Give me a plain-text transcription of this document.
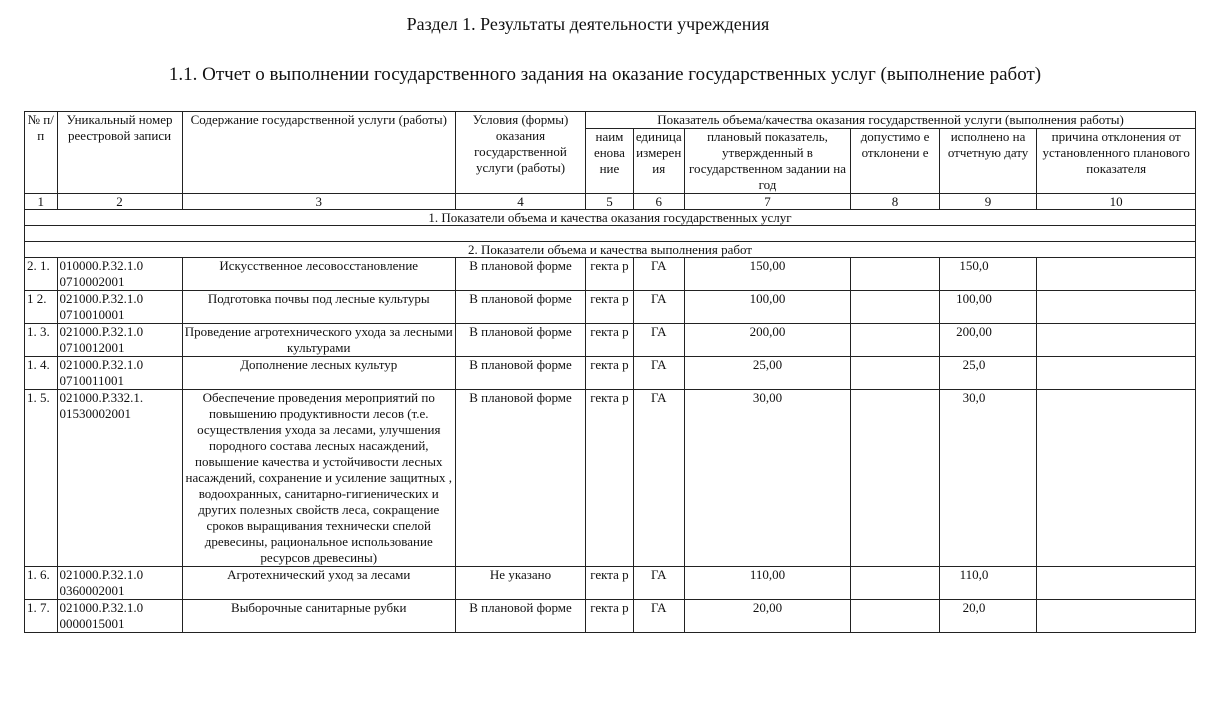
Раздел 1. Результаты деятельности учреждения
1.1. Отчет о выполнении государственного задания на оказание государственных услуг (выполнение работ)
№ п/ п	Уникальный номер реестровой записи	Содержание государственной услуги (работы)	Условия (формы) оказания государственной услуги (работы)	Показатель объема/качества оказания государственной услуги (выполнения работы)					
				наим енова ние	единица измерен ия	плановый показатель, утвержденный в государственном задании на год	допустимо е отклонени е	исполнено на отчетную дату	причина отклонения от установленного планового показателя
1	2	3	4	5	6	7	8	9	10
1. Показатели объема и качества оказания государственных услуг									

2. Показатели объема и качества выполнения работ									
2. 1.	010000.Р.32.1.0 0710002001	Искусственное лесовосстановление	В плановой форме	гекта р	ГА	150,00		150,0	
1 2.	021000.Р.32.1.0 0710010001	Подготовка почвы под лесные культуры	В плановой форме	гекта р	ГА	100,00		100,00	
1. 3.	021000.Р.32.1.0 0710012001	Проведение агротехнического ухода за лесными культурами	В плановой форме	гекта р	ГА	200,00		200,00	
1. 4.	021000.Р.32.1.0 0710011001	Дополнение лесных культур	В плановой форме	гекта р	ГА	25,00		25,0	
1. 5.	021000.Р.332.1. 01530002001	Обеспечение проведения мероприятий по повышению продуктивности лесов (т.е. осуществления ухода за лесами, улучшения породного состава лесных насаждений, повышение качества и устойчивости лесных насаждений, сохранение и усиление защитных , водоохранных, санитарно-гигиенических и других полезных свойств леса, сокращение сроков выращивания технически спелой древесины, рациональное использование ресурсов древесины)	В плановой форме	гекта р	ГА	30,00		30,0	
1. 6.	021000.Р.32.1.0 0360002001	Агротехнический уход за лесами	Не указано	гекта р	ГА	110,00		110,0	
1. 7.	021000.Р.32.1.0 0000015001	Выборочные санитарные рубки	В плановой форме	гекта р	ГА	20,00		20,0	
